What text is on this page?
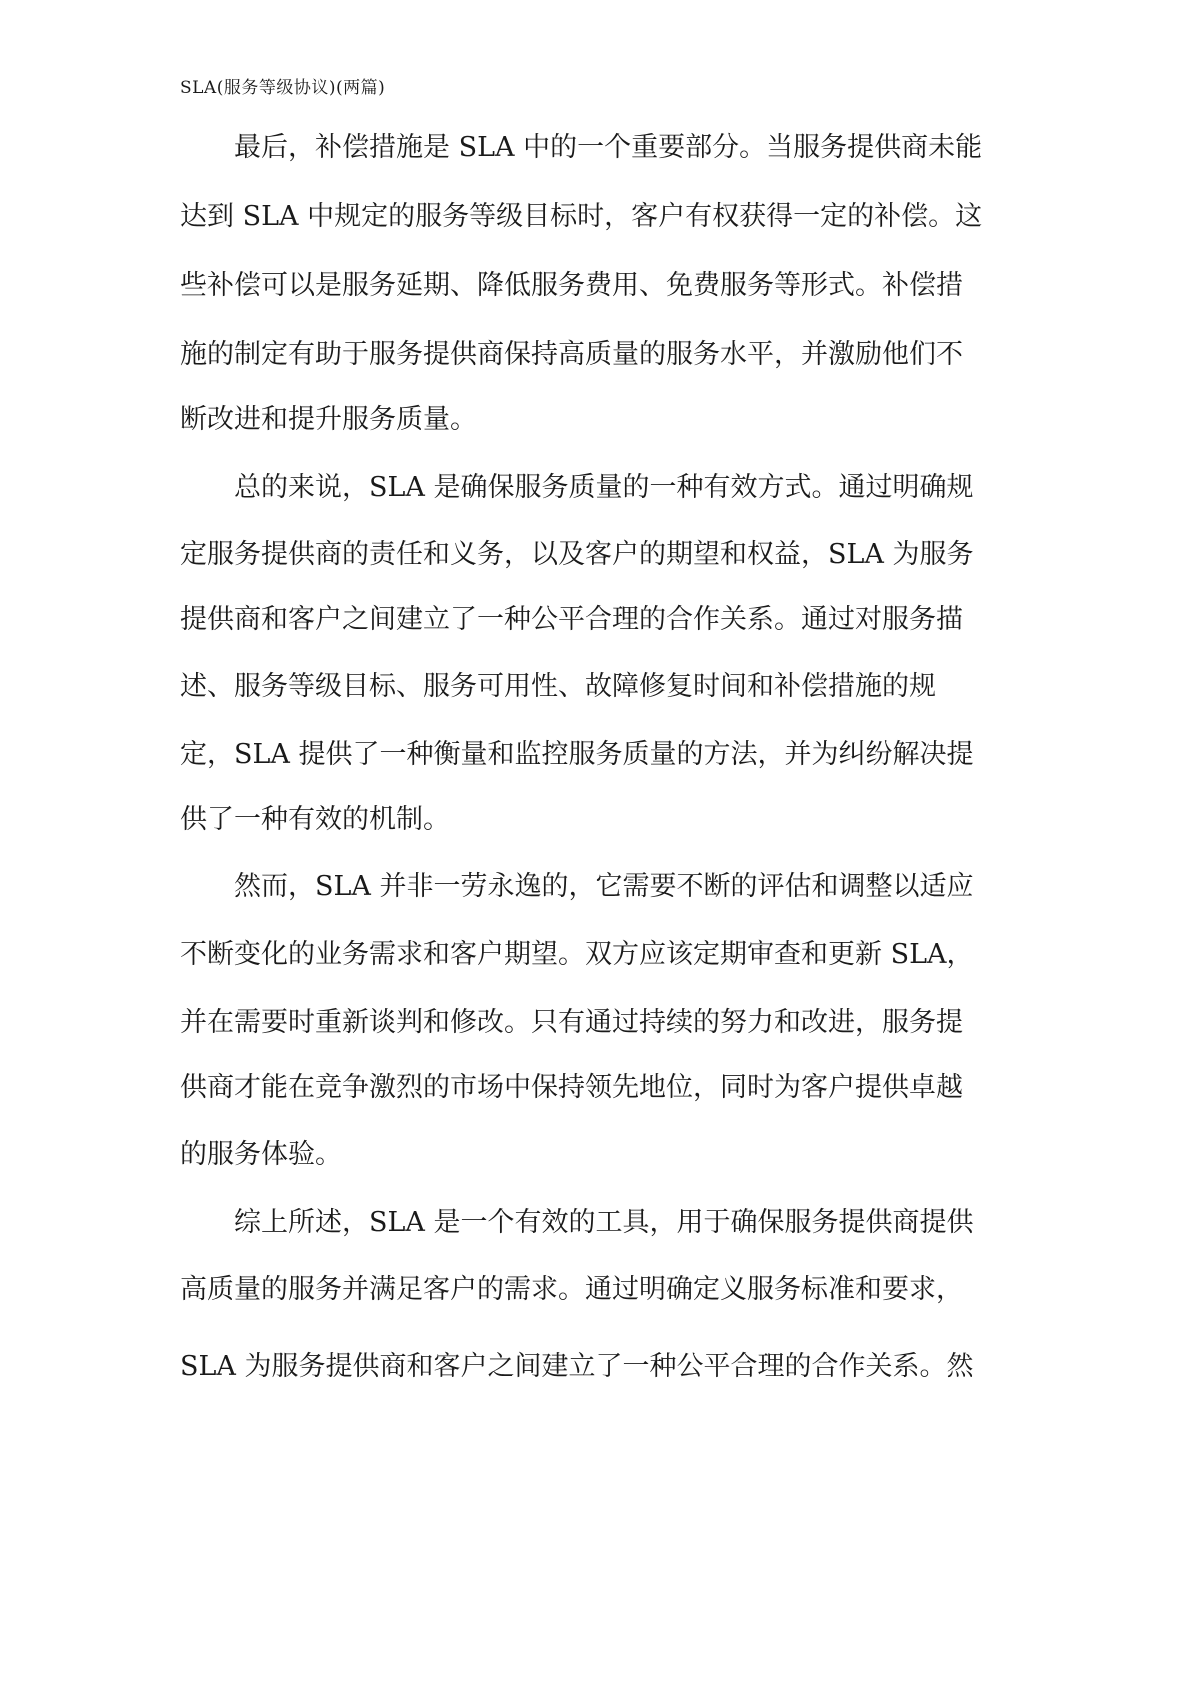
SLA(服务等级协议)(两篇)
　　最后，补偿措施是 SLA 中的一个重要部分。当服务提供商未能
达到 SLA 中规定的服务等级目标时，客户有权获得一定的补偿。这
些补偿可以是服务延期、降低服务费用、免费服务等形式。补偿措
施的制定有助于服务提供商保持高质量的服务水平，并激励他们不
断改进和提升服务质量。
　　总的来说，SLA 是确保服务质量的一种有效方式。通过明确规
定服务提供商的责任和义务，以及客户的期望和权益，SLA 为服务
提供商和客户之间建立了一种公平合理的合作关系。通过对服务描
述、服务等级目标、服务可用性、故障修复时间和补偿措施的规
定，SLA 提供了一种衡量和监控服务质量的方法，并为纠纷解决提
供了一种有效的机制。
　　然而，SLA 并非一劳永逸的，它需要不断的评估和调整以适应
不断变化的业务需求和客户期望。双方应该定期审查和更新 SLA，
并在需要时重新谈判和修改。只有通过持续的努力和改进，服务提
供商才能在竞争激烈的市场中保持领先地位，同时为客户提供卓越
的服务体验。
　　综上所述，SLA 是一个有效的工具，用于确保服务提供商提供
高质量的服务并满足客户的需求。通过明确定义服务标准和要求，
SLA 为服务提供商和客户之间建立了一种公平合理的合作关系。然
